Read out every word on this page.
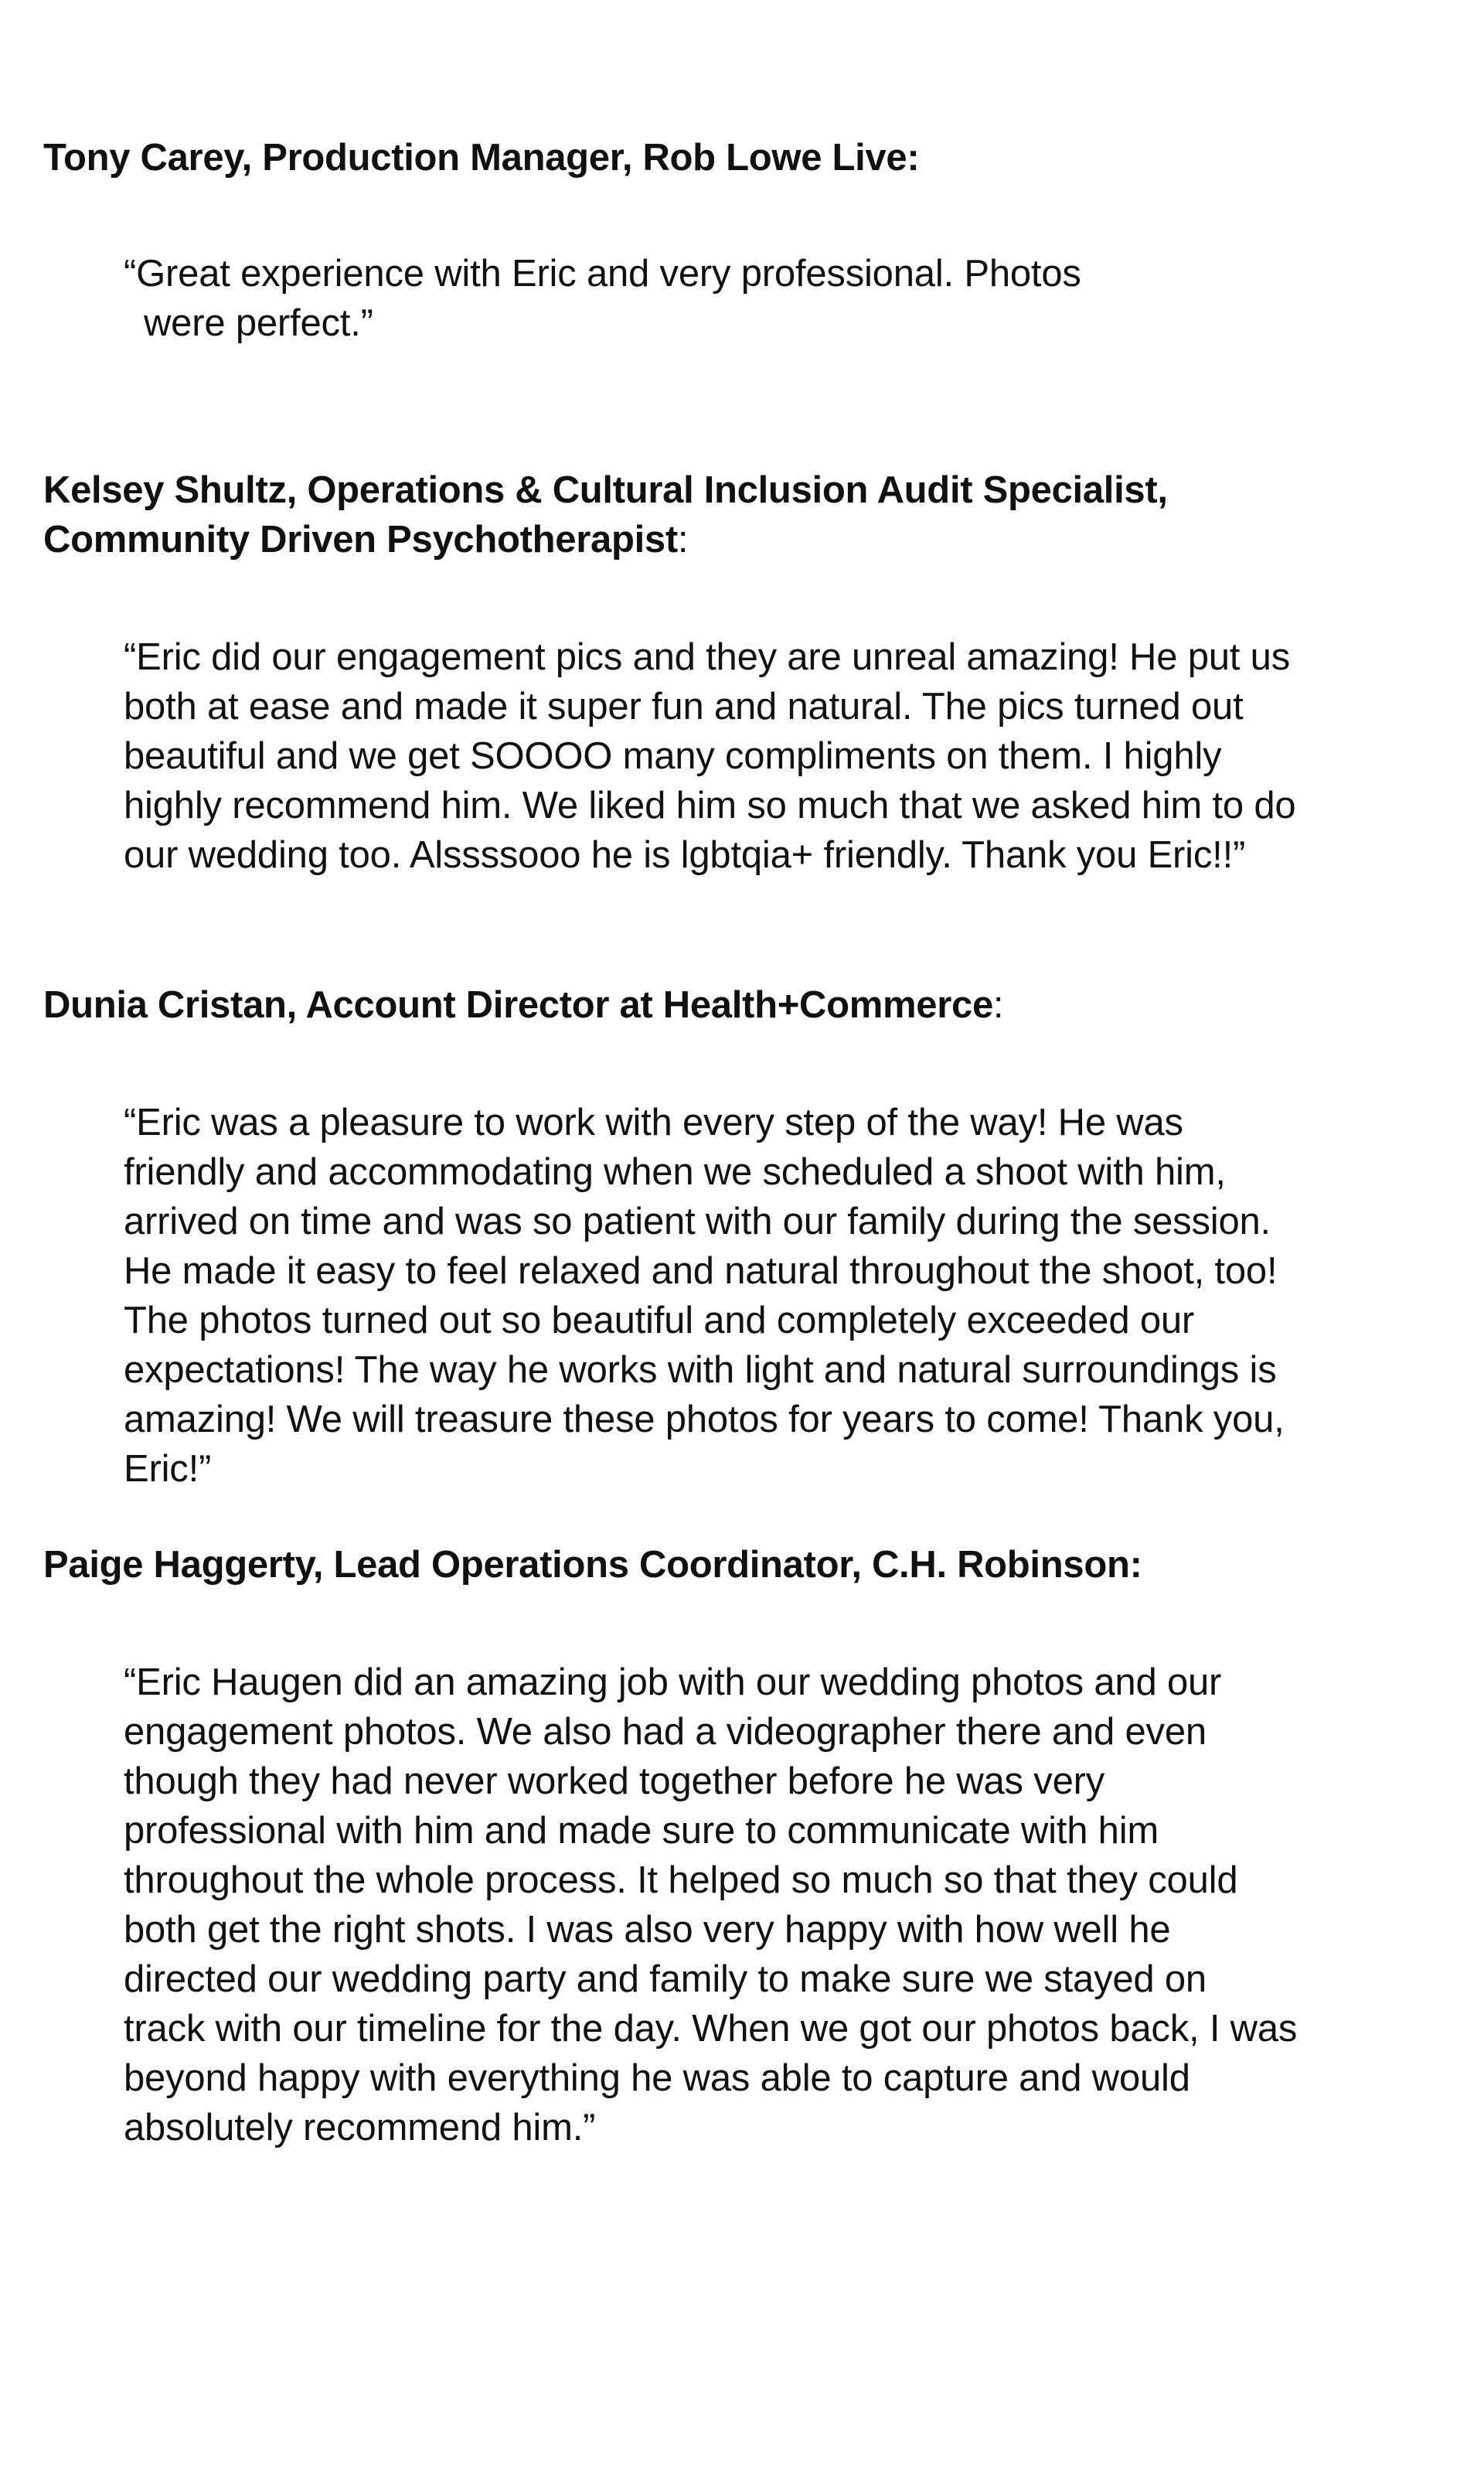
Tony Carey, Production Manager, Rob Lowe Live:
“Great experience with Eric and very professional. Photos
were perfect.”
Kelsey Shultz, Operations & Cultural Inclusion Audit Specialist,
Community Driven Psychotherapist:
“Eric did our engagement pics and they are unreal amazing! He put us
both at ease and made it super fun and natural. The pics turned out
beautiful and we get SOOOO many compliments on them. I highly
highly recommend him. We liked him so much that we asked him to do
our wedding too. Alssssooo he is lgbtqia+ friendly. Thank you Eric!!”
Dunia Cristan, Account Director at Health+Commerce:
“Eric was a pleasure to work with every step of the way! He was
friendly and accommodating when we scheduled a shoot with him,
arrived on time and was so patient with our family during the session.
He made it easy to feel relaxed and natural throughout the shoot, too!
The photos turned out so beautiful and completely exceeded our
expectations! The way he works with light and natural surroundings is
amazing! We will treasure these photos for years to come! Thank you,
Eric!”
Paige Haggerty, Lead Operations Coordinator, C.H. Robinson:
“Eric Haugen did an amazing job with our wedding photos and our
engagement photos. We also had a videographer there and even
though they had never worked together before he was very
professional with him and made sure to communicate with him
throughout the whole process. It helped so much so that they could
both get the right shots. I was also very happy with how well he
directed our wedding party and family to make sure we stayed on
track with our timeline for the day. When we got our photos back, I was
beyond happy with everything he was able to capture and would
absolutely recommend him.”
